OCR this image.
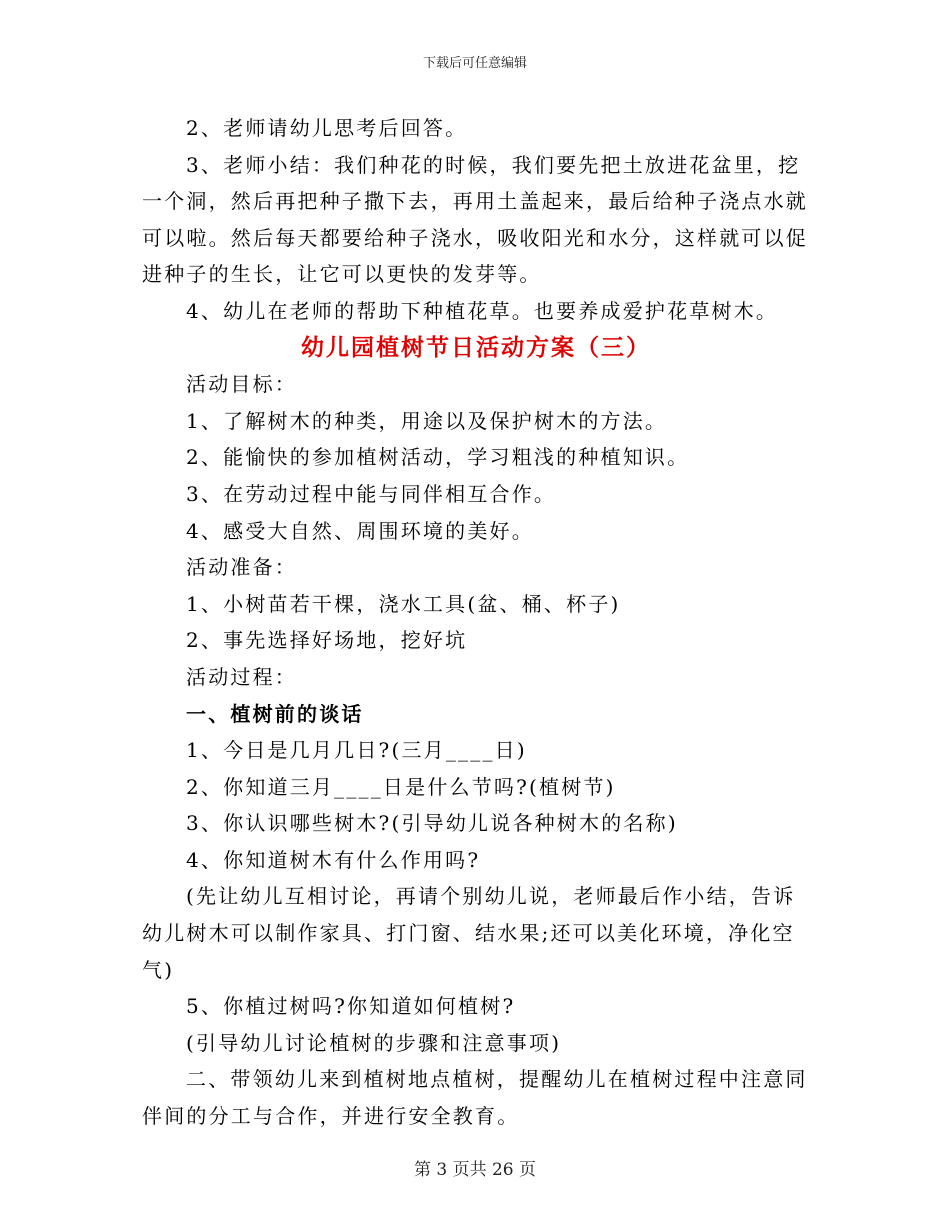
下载后可任意编辑

2、老师请幼儿思考后回答。

3、老师小结：我们种花的时候，我们要先把土放进花盆里，挖一个洞，然后再把种子撒下去，再用土盖起来，最后给种子浇点水就可以啦。然后每天都要给种子浇水，吸收阳光和水分，这样就可以促进种子的生长，让它可以更快的发芽等。

4、幼儿在老师的帮助下种植花草。也要养成爱护花草树木。

幼儿园植树节日活动方案（三）

活动目标：

1、了解树木的种类，用途以及保护树木的方法。

2、能愉快的参加植树活动，学习粗浅的种植知识。

3、在劳动过程中能与同伴相互合作。

4、感受大自然、周围环境的美好。

活动准备：

1、小树苗若干棵，浇水工具(盆、桶、杯子)

2、事先选择好场地，挖好坑

活动过程：

一、植树前的谈话

1、今日是几月几日?(三月____日)

2、你知道三月____日是什么节吗?(植树节)

3、你认识哪些树木?(引导幼儿说各种树木的名称)

4、你知道树木有什么作用吗?

(先让幼儿互相讨论，再请个别幼儿说，老师最后作小结，告诉幼儿树木可以制作家具、打门窗、结水果;还可以美化环境，净化空气)

5、你植过树吗?你知道如何植树?

(引导幼儿讨论植树的步骤和注意事项)

二、带领幼儿来到植树地点植树，提醒幼儿在植树过程中注意同伴间的分工与合作，并进行安全教育。

第 3 页共 26 页
